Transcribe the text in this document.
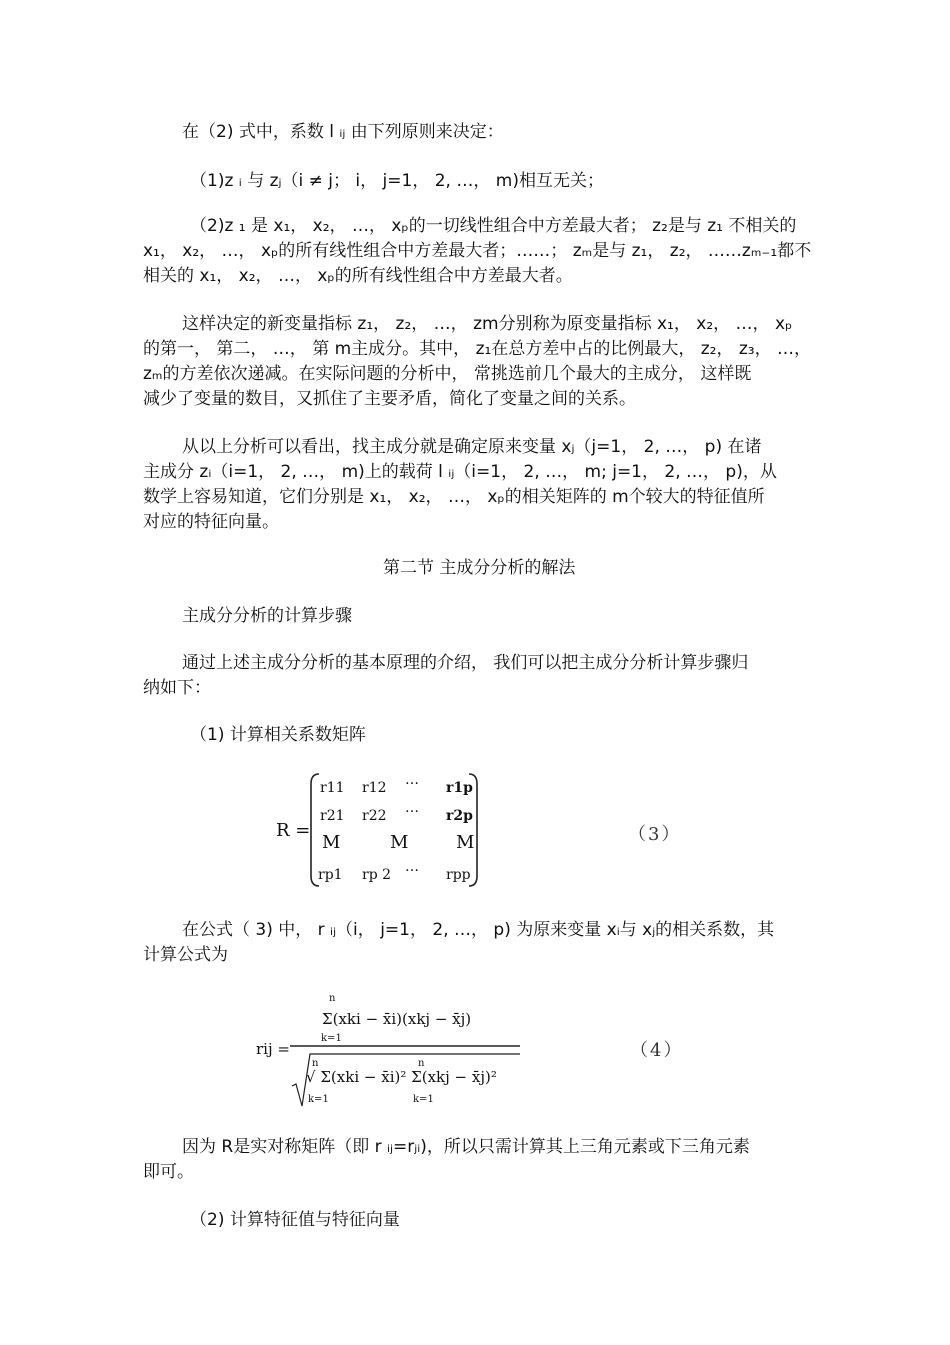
在（2) 式中，系数 l ᵢⱼ 由下列原则来决定：
（1)z ᵢ 与 zⱼ（i ≠ j； i， j=1， 2, …， m)相互无关；
（2)z ₁ 是 x₁， x₂， …， xₚ的一切线性组合中方差最大者； z₂是与 z₁ 不相关的
x₁， x₂， …， xₚ的所有线性组合中方差最大者；……； zₘ是与 z₁， z₂， ……zₘ₋₁都不
相关的 x₁， x₂， …， xₚ的所有线性组合中方差最大者。
这样决定的新变量指标 z₁， z₂， …， zm分别称为原变量指标 x₁， x₂， …， xₚ
的第一， 第二， …， 第 m主成分。其中， z₁在总方差中占的比例最大， z₂， z₃， …，
zₘ的方差依次递减。在实际问题的分析中， 常挑选前几个最大的主成分， 这样既
减少了变量的数目，又抓住了主要矛盾，简化了变量之间的关系。
从以上分析可以看出，找主成分就是确定原来变量 xⱼ（j=1， 2, …， p) 在诸
主成分 zᵢ（i=1， 2, …， m)上的载荷 l ᵢⱼ（i=1， 2, …， m; j=1， 2, …， p)，从
数学上容易知道，它们分别是 x₁， x₂， …， xₚ的相关矩阵的 m个较大的特征值所
对应的特征向量。
第二节 主成分分析的解法
主成分分析的计算步骤
通过上述主成分分析的基本原理的介绍， 我们可以把主成分分析计算步骤归
纳如下：
（1) 计算相关系数矩阵
R =
r11 r12 … r1p
r21 r22 … r2p
M	M	M
rp1 rp 2 … rpp
（3）
在公式（ 3) 中， r ᵢⱼ（i， j=1， 2, …， p) 为原来变量 xᵢ与 xⱼ的相关系数，其
计算公式为
rij =
n
Σ(xki − x̄i)(xkj − x̄j)
k=1
n
√ Σ(xki − x̄i)² Σ(xkj − x̄j)²
k=1
n
k=1
（4）
因为 R是实对称矩阵（即 r ᵢⱼ=rⱼᵢ)，所以只需计算其上三角元素或下三角元素
即可。
（2) 计算特征值与特征向量
